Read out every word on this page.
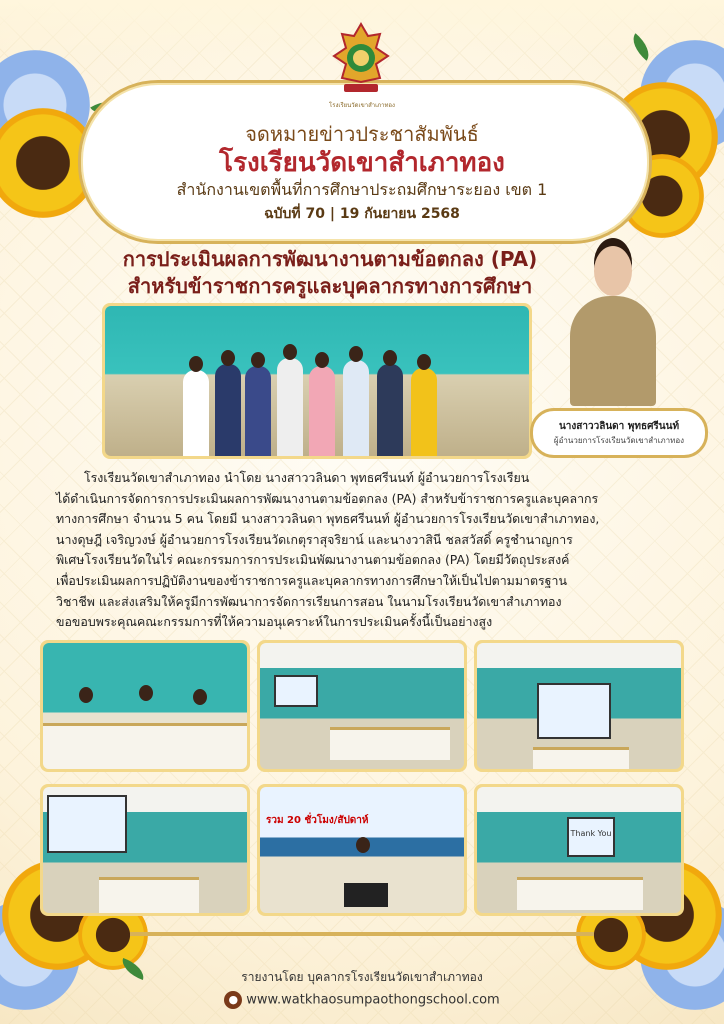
โรงเรียนวัดเขาสำเภาทอง
จดหมายข่าวประชาสัมพันธ์
โรงเรียนวัดเขาสำเภาทอง
สำนักงานเขตพื้นที่การศึกษาประถมศึกษาระยอง เขต 1
ฉบับที่ 70 | 19 กันยายน 2568
การประเมินผลการพัฒนางานตามข้อตกลง (PA)
สำหรับข้าราชการครูและบุคลากรทางการศึกษา
นางสาววลินดา พุทธศรีนนท์
ผู้อำนวยการโรงเรียนวัดเขาสำเภาทอง

โรงเรียนวัดเขาสำเภาทอง นำโดย นางสาววลินดา พุทธศรีนนท์ ผู้อำนวยการโรงเรียน

ได้ดำเนินการจัดการการประเมินผลการพัฒนางานตามข้อตกลง (PA) สำหรับข้าราชการครูและบุคลากร
ทางการศึกษา จำนวน 5 คน โดยมี นางสาววลินดา พุทธศรีนนท์ ผู้อำนวยการโรงเรียนวัดเขาสำเภาทอง,
นางดุษฎี เจริญวงษ์ ผู้อำนวยการโรงเรียนวัดเกตุราสุจริยาน์ และนางวาสินี ชลสวัสดิ์ ครูชำนาญการ
พิเศษโรงเรียนวัดในไร่ คณะกรรมการการประเมินพัฒนางานตามข้อตกลง (PA) โดยมีวัตถุประสงค์
เพื่อประเมินผลการปฏิบัติงานของข้าราชการครูและบุคลากรทางการศึกษาให้เป็นไปตามมาตรฐาน
วิชาชีพ และส่งเสริมให้ครูมีการพัฒนาการจัดการเรียนการสอน ในนามโรงเรียนวัดเขาสำเภาทอง
ขอขอบพระคุณคณะกรรมการที่ให้ความอนุเคราะห์ในการประเมินครั้งนี้เป็นอย่างสูง
รวม 20 ชั่วโมง/สัปดาห์
Thank You
รายงานโดย บุคลากรโรงเรียนวัดเขาสำเภาทอง
● www.watkhaosumpaothongschool.com
